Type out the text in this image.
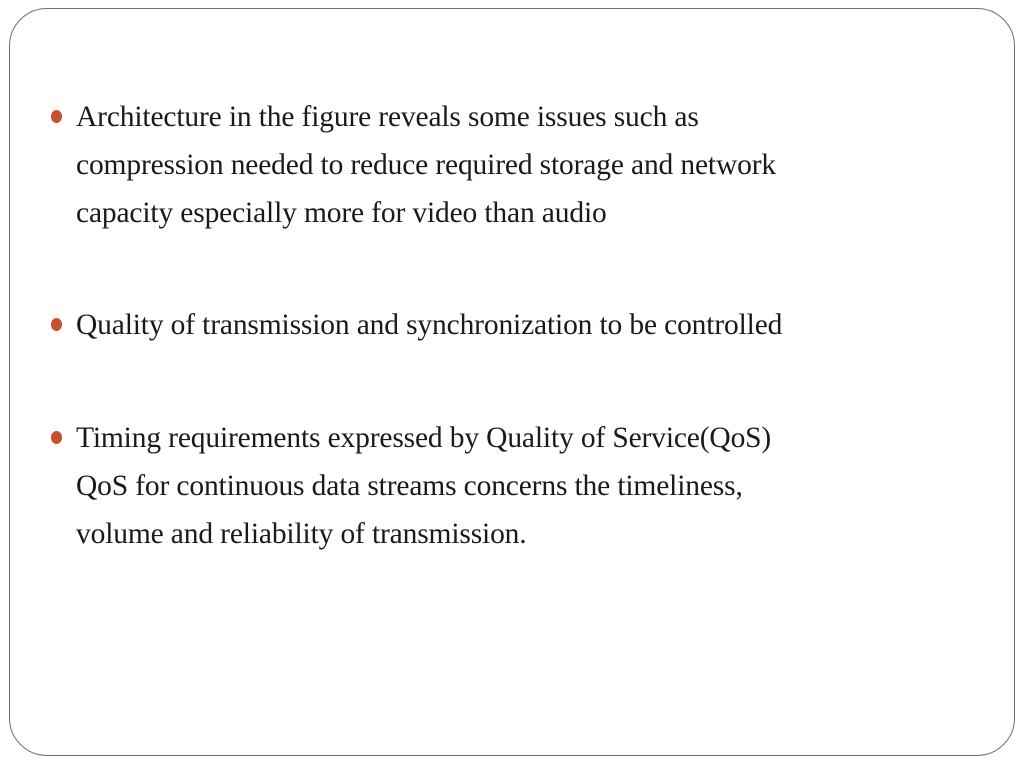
Architecture in the figure reveals some issues such as
compression needed to reduce required storage and network
capacity especially more for video than audio
Quality of transmission and synchronization to be controlled
Timing requirements expressed by Quality of Service(QoS)
QoS for continuous data streams concerns the timeliness,
volume and reliability of transmission.
